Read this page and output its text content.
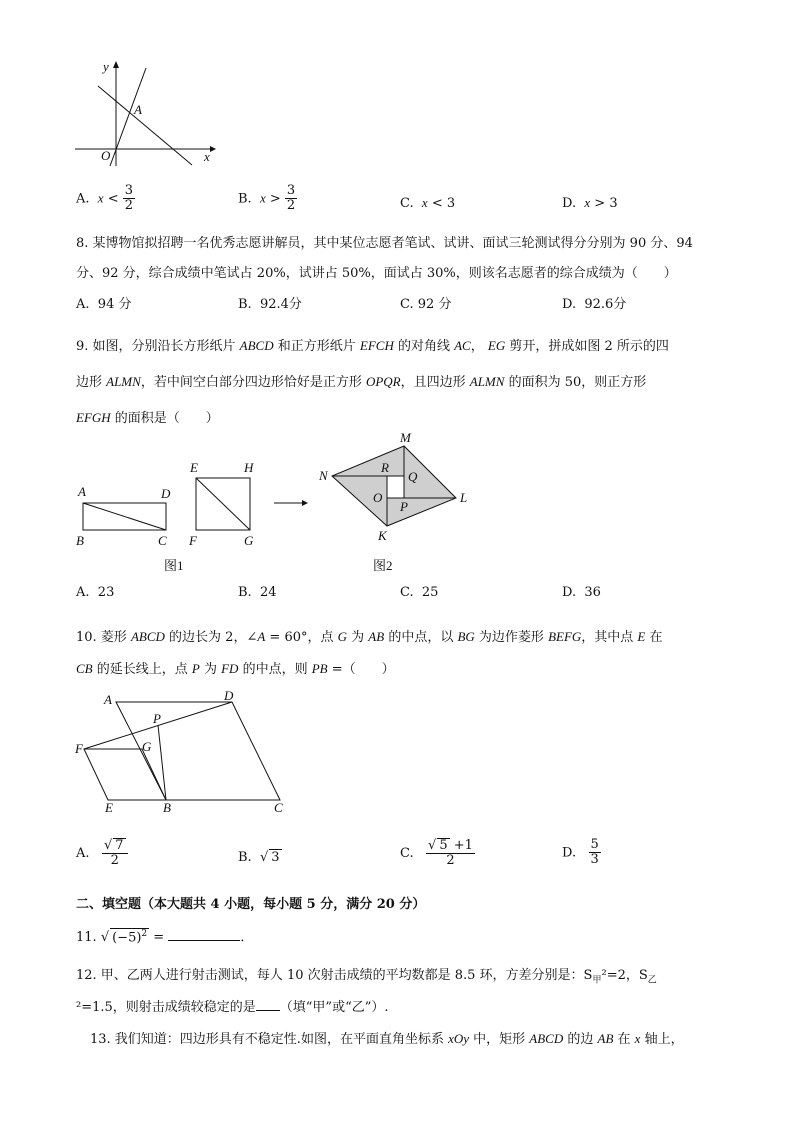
y
x
O
A
A. $x < \frac{3}{2}$	B. $x > \frac{3}{2}$	C. x < 3	D. x > 3
8. 某博物馆拟招聘一名优秀志愿讲解员，其中某位志愿者笔试、试讲、面试三轮测试得分分别为 90 分、94
分、92 分，综合成绩中笔试占 20%，试讲占 50%，面试占 30%，则该名志愿者的综合成绩为（　　）
A. 94 分	B. 92.4分	C. 92 分	D. 92.6分
9. 如图，分别沿长方形纸片 ABCD 和正方形纸片 EFCH 的对角线 AC， EG 剪开，拼成如图 2 所示的四
边形 ALMN，若中间空白部分四边形恰好是正方形 OPQR，且四边形 ALMN 的面积为 50，则正方形
EFGH 的面积是（　　）
A	D
B	C
E	H
F	G
图1
M
N
L
K
R
Q
O
P
图2
A. 23	B. 24	C. 25	D. 36
10. 菱形 ABCD 的边长为 2，∠A = 60°，点 G 为 AB 的中点，以 BG 为边作菱形 BEFG，其中点 E 在
CB 的延长线上，点 P 为 FD 的中点，则 PB =（　　）
A	D
P
F	G
E	B	C
A. $\frac{√ 7}{2}$	B.  √ 3	C. $\frac{√ 5 +1}{2}$	D. $\frac{5}{3}$
二、填空题（本大题共 4 小题，每小题 5 分，满分 20 分）
11. √ $(-5)^2$ =	．
12. 甲、乙两人进行射击测试，每人 10 次射击成绩的平均数都是 8.5 环，方差分别是：$S_甲^2=2$，$S_乙$
²=1.5，则射击成绩较稳定的是 （填“甲”或“乙”）.
13. 我们知道：四边形具有不稳定性.如图，在平面直角坐标系 xOy 中，矩形 ABCD 的边 AB 在 x 轴上，
